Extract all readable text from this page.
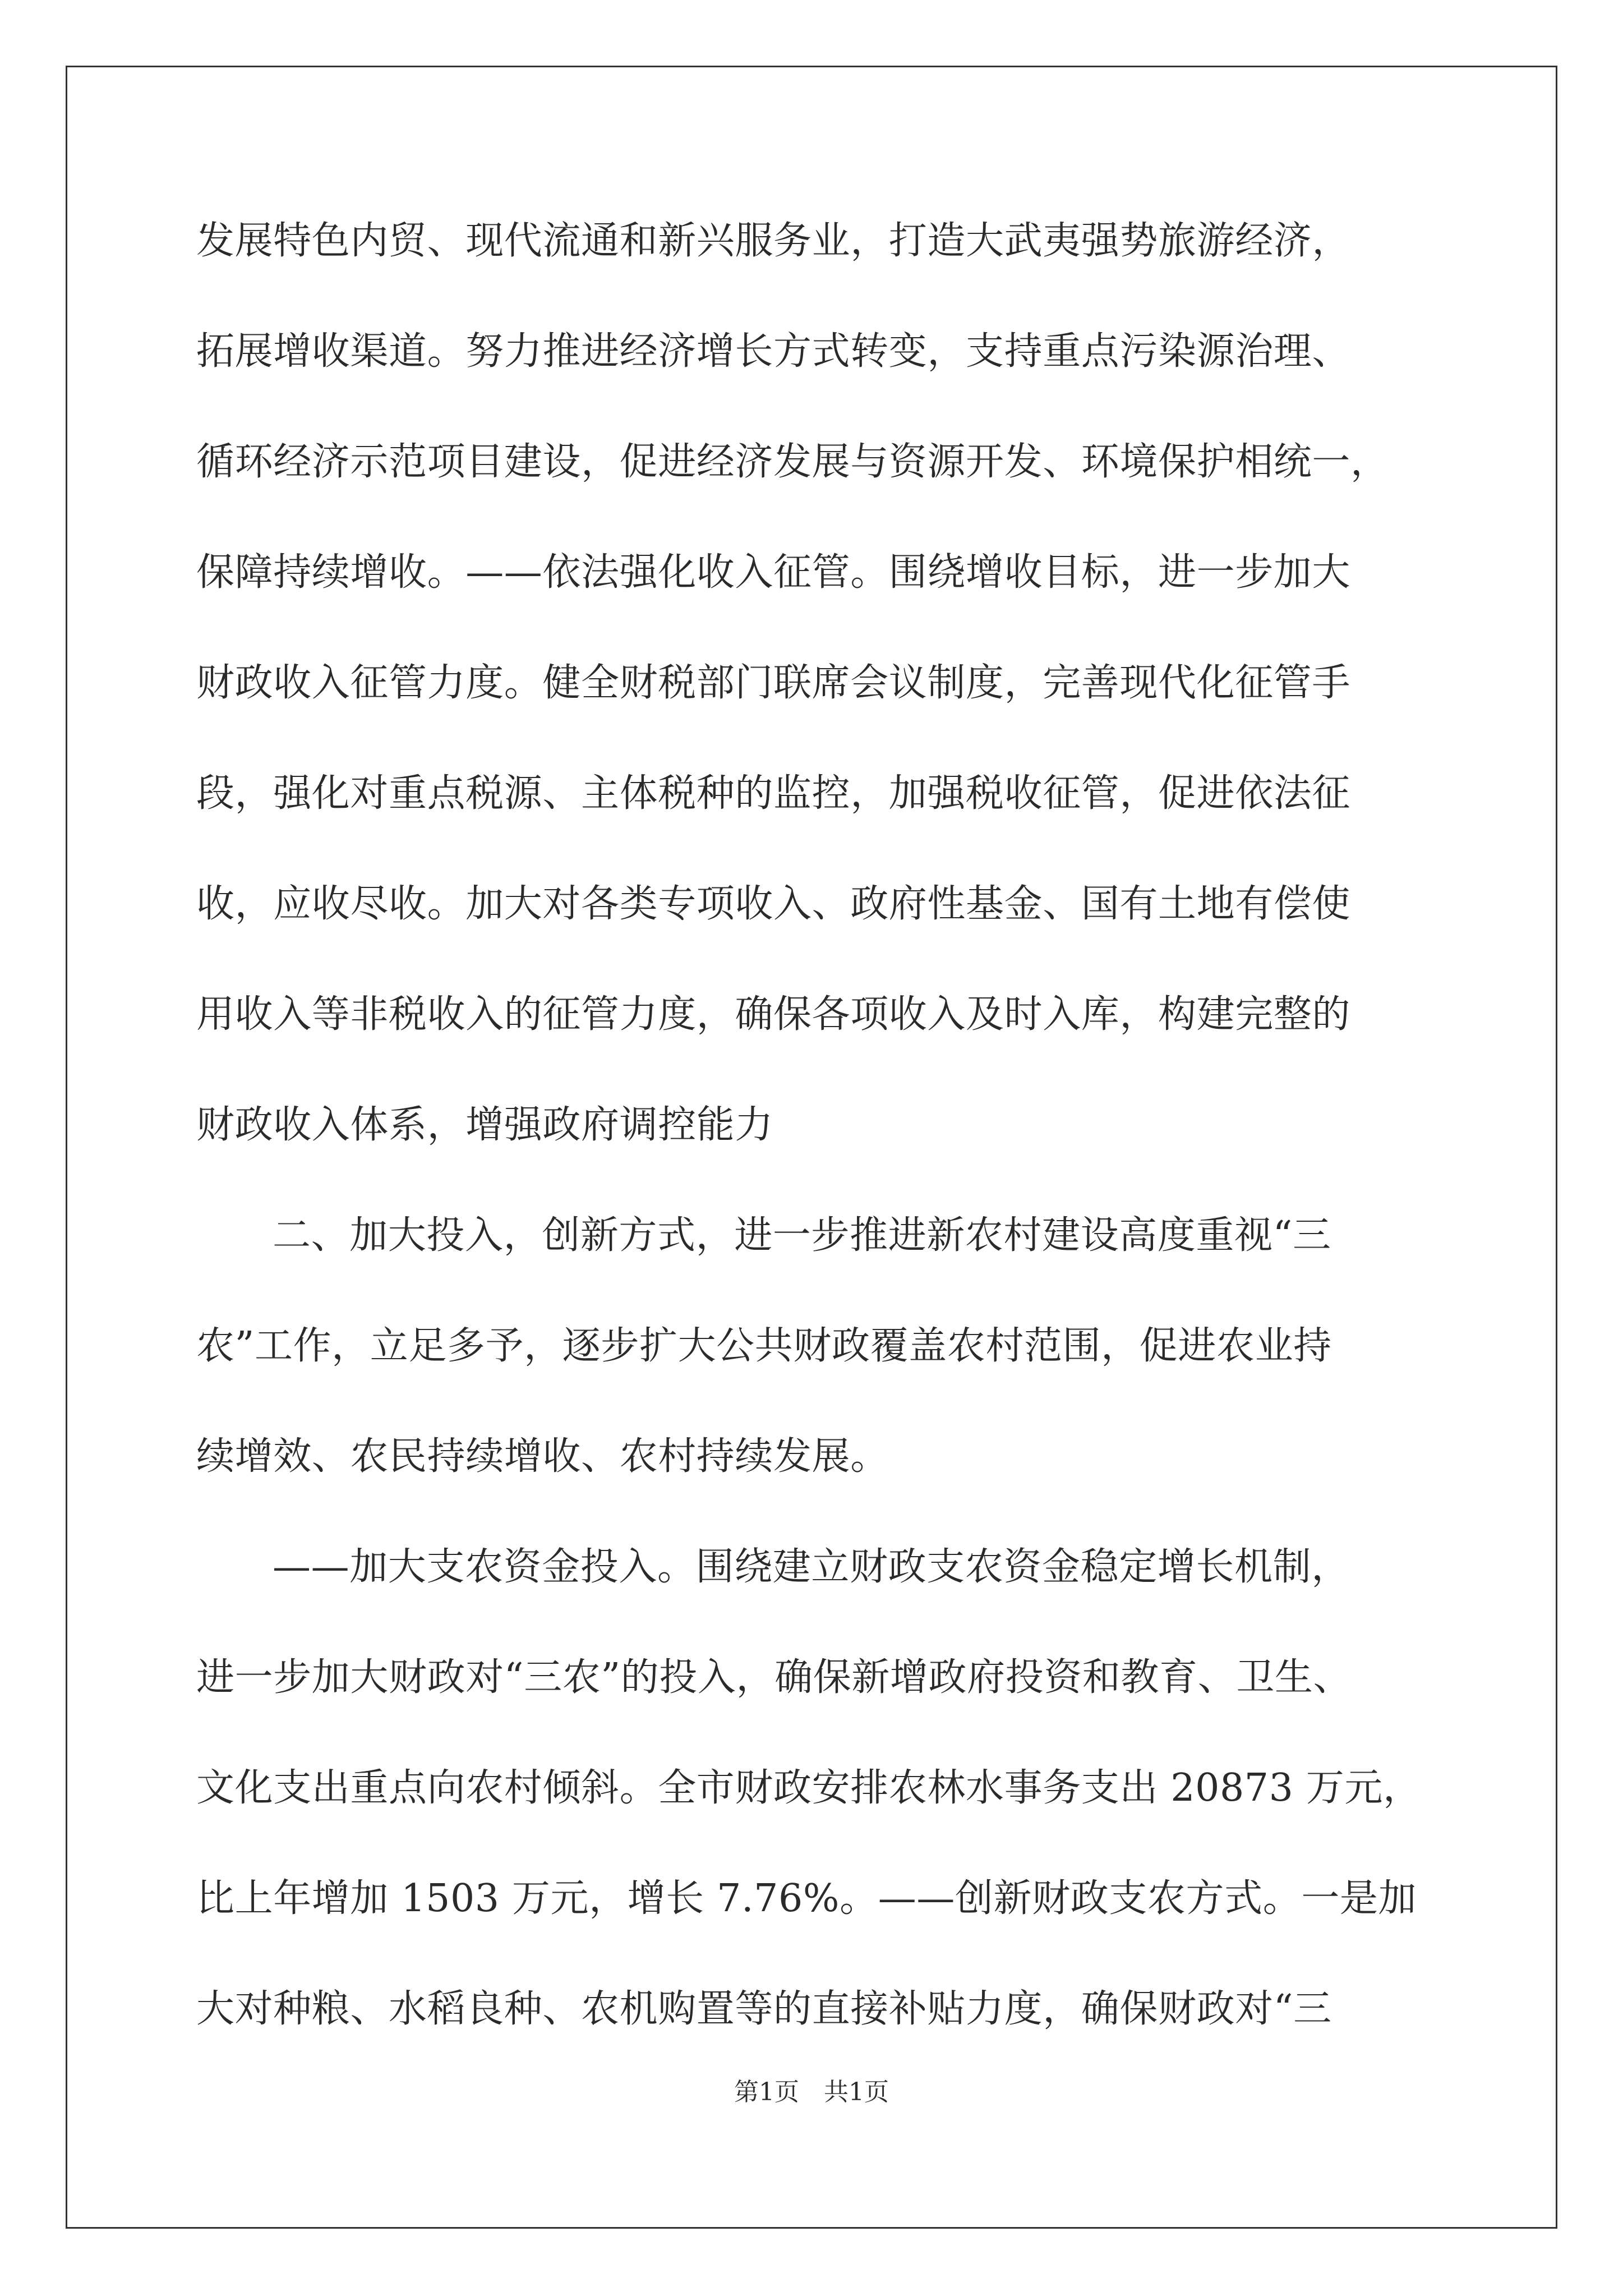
发展特色内贸、现代流通和新兴服务业，打造大武夷强势旅游经济，
拓展增收渠道。努力推进经济增长方式转变，支持重点污染源治理、
循环经济示范项目建设，促进经济发展与资源开发、环境保护相统一，
保障持续增收。——依法强化收入征管。围绕增收目标，进一步加大
财政收入征管力度。健全财税部门联席会议制度，完善现代化征管手
段，强化对重点税源、主体税种的监控，加强税收征管，促进依法征
收，应收尽收。加大对各类专项收入、政府性基金、国有土地有偿使
用收入等非税收入的征管力度，确保各项收入及时入库，构建完整的
财政收入体系，增强政府调控能力
二、加大投入，创新方式，进一步推进新农村建设高度重视“三
农”工作，立足多予，逐步扩大公共财政覆盖农村范围，促进农业持
续增效、农民持续增收、农村持续发展。
——加大支农资金投入。围绕建立财政支农资金稳定增长机制，
进一步加大财政对“三农”的投入，确保新增政府投资和教育、卫生、
文化支出重点向农村倾斜。全市财政安排农林水事务支出 20873 万元，
比上年增加 1503 万元，增长 7.76%。——创新财政支农方式。一是加
大对种粮、水稻良种、农机购置等的直接补贴力度，确保财政对“三
第1页　共1页
